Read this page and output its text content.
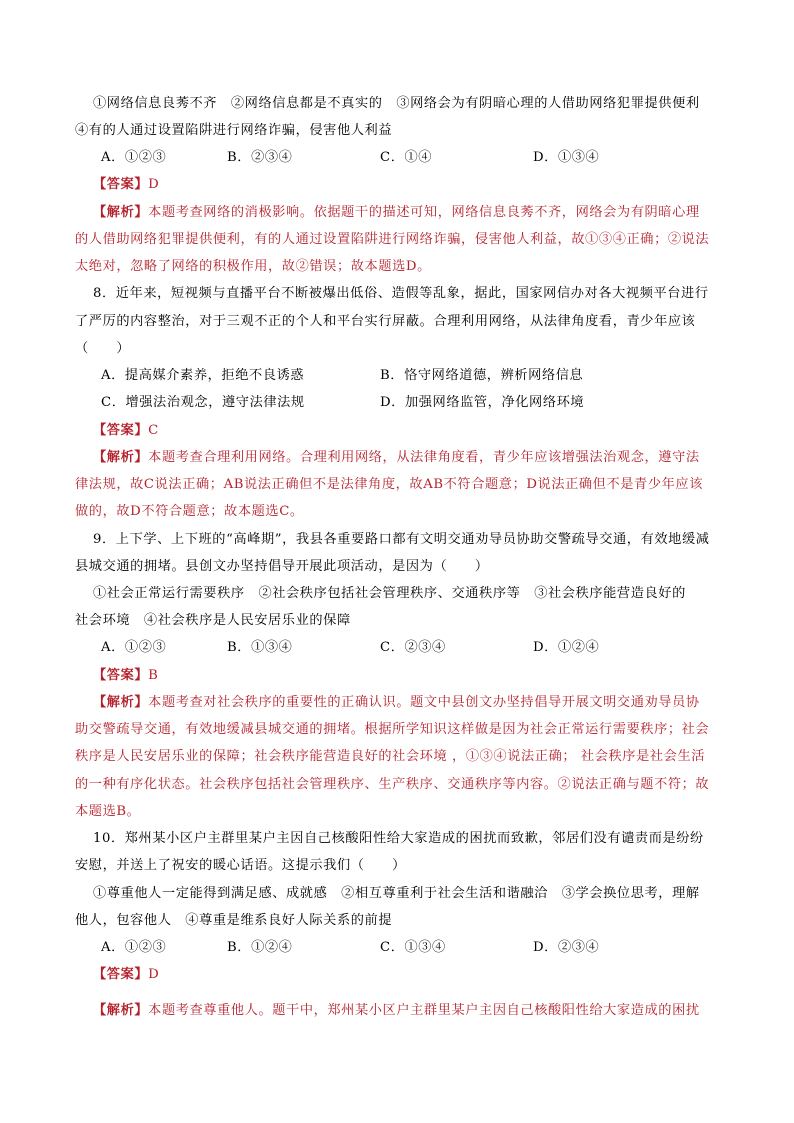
①网络信息良莠不齐　②网络信息都是不真实的　③网络会为有阴暗心理的人借助网络犯罪提供便利
④有的人通过设置陷阱进行网络诈骗，侵害他人利益
A．①②③	B．②③④	C．①④	D．①③④
【答案】D
【解析】本题考查网络的消极影响。依据题干的描述可知，网络信息良莠不齐，网络会为有阴暗心理
的人借助网络犯罪提供便利，有的人通过设置陷阱进行网络诈骗，侵害他人利益，故①③④正确；②说法
太绝对，忽略了网络的积极作用，故②错误；故本题选D。
8．近年来，短视频与直播平台不断被爆出低俗、造假等乱象，据此，国家网信办对各大视频平台进行
了严厉的内容整治，对于三观不正的个人和平台实行屏蔽。合理利用网络，从法律角度看，青少年应该
（　　）
A．提高媒介素养，拒绝不良诱惑	B．恪守网络道德，辨析网络信息
C．增强法治观念，遵守法律法规	D．加强网络监管，净化网络环境
【答案】C
【解析】本题考查合理利用网络。合理利用网络，从法律角度看，青少年应该增强法治观念，遵守法
律法规，故C说法正确；AB说法正确但不是法律角度，故AB不符合题意；D说法正确但不是青少年应该
做的，故D不符合题意；故本题选C。
9．上下学、上下班的“高峰期”，我县各重要路口都有文明交通劝导员协助交警疏导交通，有效地缓减
县城交通的拥堵。县创文办坚持倡导开展此项活动，是因为（　　）
①社会正常运行需要秩序　②社会秩序包括社会管理秩序、交通秩序等　③社会秩序能营造良好的
社会环境　④社会秩序是人民安居乐业的保障
A．①②③	B．①③④	C．②③④	D．①②④
【答案】B
【解析】本题考查对社会秩序的重要性的正确认识。题文中县创文办坚持倡导开展文明交通劝导员协
助交警疏导交通，有效地缓减县城交通的拥堵。根据所学知识这样做是因为社会正常运行需要秩序；社会
秩序是人民安居乐业的保障；社会秩序能营造良好的社会环境 ，①③④说法正确； 社会秩序是社会生活
的一种有序化状态。社会秩序包括社会管理秩序、生产秩序、交通秩序等内容。②说法正确与题不符；故
本题选B。
10．郑州某小区户主群里某户主因自己核酸阳性给大家造成的困扰而致歉，邻居们没有谴责而是纷纷
安慰，并送上了祝安的暖心话语。这提示我们（　　）
①尊重他人一定能得到满足感、成就感　②相互尊重利于社会生活和谐融洽　③学会换位思考，理解
他人，包容他人　④尊重是维系良好人际关系的前提
A．①②③	B．①②④	C．①③④	D．②③④
【答案】D
【解析】本题考查尊重他人。题干中，郑州某小区户主群里某户主因自己核酸阳性给大家造成的困扰
